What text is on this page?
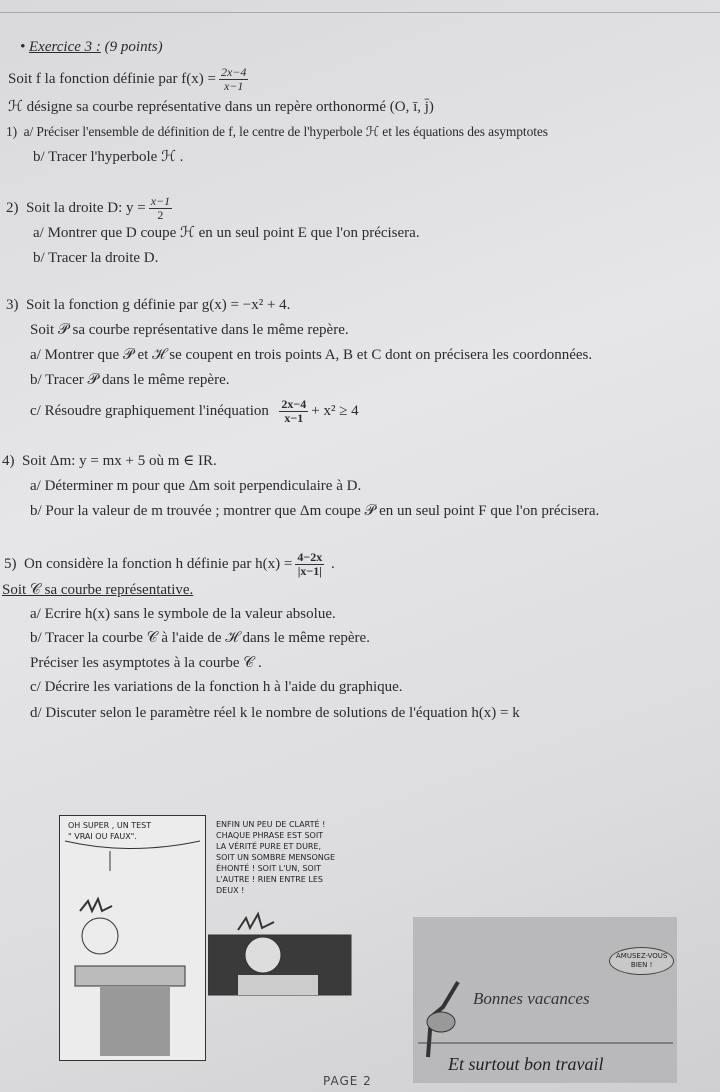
• Exercice 3 : (9 points)
Soit f la fonction définie par $f(x) = \frac{2x-4}{x-1}$
ℋ désigne sa courbe représentative dans un repère orthonormé (O, ī, j̄)
1) a/ Préciser l'ensemble de définition de f, le centre de l'hyperbole ℋ et les équations des asymptotes
b/ Tracer l'hyperbole ℋ .
2) Soit la droite D: $y = \frac{x-1}{2}$
a/ Montrer que D coupe ℋ en un seul point E que l'on précisera.
b/ Tracer la droite D.
3) Soit la fonction g définie par g(x) = −x² + 4.
Soit 𝒫 sa courbe représentative dans le même repère.
a/ Montrer que 𝒫 et ℋ se coupent en trois points A, B et C dont on précisera les coordonnées.
b/ Tracer 𝒫 dans le même repère.
c/ Résoudre graphiquement l'inéquation $\frac{2x-4}{x-1} + x^2 \ge 4$
4) Soit Δm: y = mx + 5 où m ∈ IR.
a/ Déterminer m pour que Δm soit perpendiculaire à D.
b/ Pour la valeur de m trouvée ; montrer que Δm coupe 𝒫 en un seul point F que l'on précisera.
5) On considère la fonction h définie par $h(x) = \frac{4-2x}{|x-1|}$ .
Soit 𝒞 sa courbe représentative.
a/ Ecrire h(x) sans le symbole de la valeur absolue.
b/ Tracer la courbe 𝒞 à l'aide de ℋ dans le même repère.
Préciser les asymptotes à la courbe 𝒞 .
c/ Décrire les variations de la fonction h à l'aide du graphique.
d/ Discuter selon le paramètre réel k le nombre de solutions de l'équation h(x) = k
OH SUPER , UN TEST
" VRAI OU FAUX".
ENFIN UN PEU DE CLARTÉ !
CHAQUE PHRASE EST SOIT
LA VÉRITÉ PURE ET DURE,
SOIT UN SOMBRE MENSONGE
ÉHONTÉ ! SOIT L'UN, SOIT
L'AUTRE ! RIEN ENTRE LES
DEUX !
AMUSEZ-VOUS
BIEN !
Bonnes vacances
Et surtout bon travail
PAGE 2
